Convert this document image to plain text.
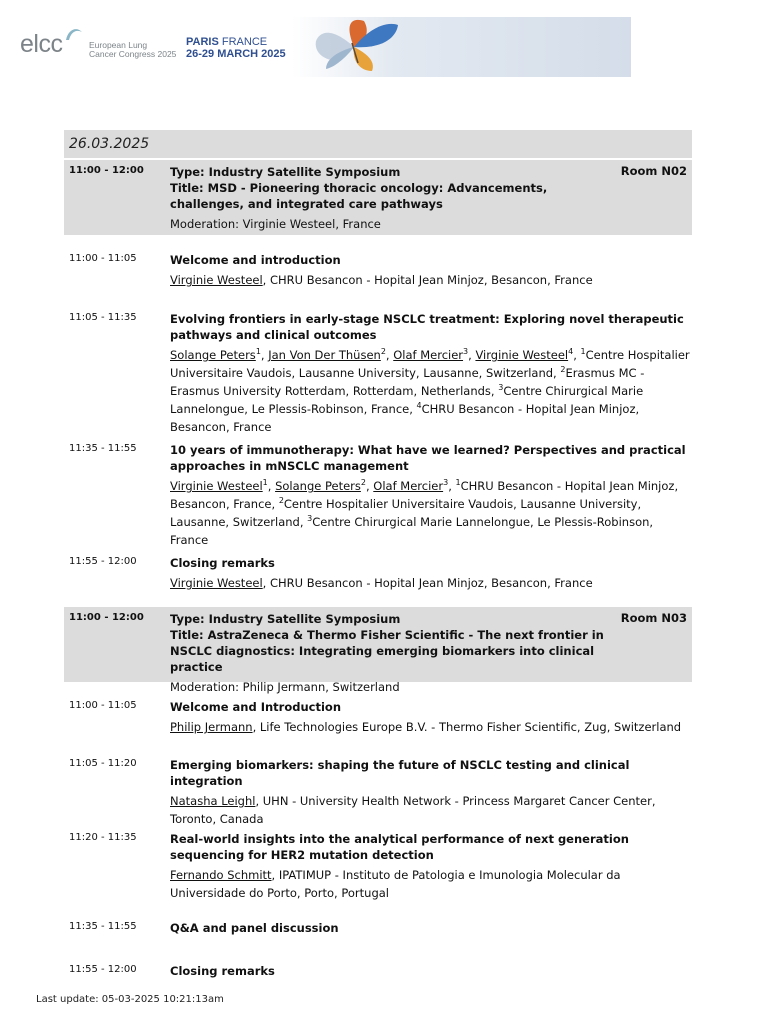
elcc	European Lung
Cancer Congress 2025
PARIS FRANCE
26-29 MARCH 2025
26.03.2025
11:00 - 12:00	Room N02
Type: Industry Satellite Symposium
Title: MSD - Pioneering thoracic oncology: Advancements, challenges, and integrated care pathways
Moderation: Virginie Westeel, France
11:00 - 11:05	Welcome and introduction
Virginie Westeel, CHRU Besancon - Hopital Jean Minjoz, Besancon, France
11:05 - 11:35	Evolving frontiers in early-stage NSCLC treatment: Exploring novel therapeutic pathways and clinical outcomes
Solange Peters$^1$, Jan Von Der Thüsen$^2$, Olaf Mercier$^3$, Virginie Westeel$^4$, $^1$Centre Hospitalier Universitaire Vaudois, Lausanne University, Lausanne, Switzerland, $^2$Erasmus MC - Erasmus University Rotterdam, Rotterdam, Netherlands, $^3$Centre Chirurgical Marie Lannelongue, Le Plessis-Robinson, France, $^4$CHRU Besancon - Hopital Jean Minjoz, Besancon, France
11:35 - 11:55	10 years of immunotherapy: What have we learned? Perspectives and practical approaches in mNSCLC management
Virginie Westeel$^1$, Solange Peters$^2$, Olaf Mercier$^3$, $^1$CHRU Besancon - Hopital Jean Minjoz, Besancon, France, $^2$Centre Hospitalier Universitaire Vaudois, Lausanne University, Lausanne, Switzerland, $^3$Centre Chirurgical Marie Lannelongue, Le Plessis-Robinson, France
11:55 - 12:00	Closing remarks
Virginie Westeel, CHRU Besancon - Hopital Jean Minjoz, Besancon, France
11:00 - 12:00	Room N03
Type: Industry Satellite Symposium
Title: AstraZeneca & Thermo Fisher Scientific - The next frontier in NSCLC diagnostics: Integrating emerging biomarkers into clinical practice
Moderation: Philip Jermann, Switzerland
11:00 - 11:05	Welcome and Introduction
Philip Jermann, Life Technologies Europe B.V. - Thermo Fisher Scientific, Zug, Switzerland
11:05 - 11:20	Emerging biomarkers: shaping the future of NSCLC testing and clinical integration
Natasha Leighl, UHN - University Health Network - Princess Margaret Cancer Center, Toronto, Canada
11:20 - 11:35	Real-world insights into the analytical performance of next generation sequencing for HER2 mutation detection
Fernando Schmitt, IPATIMUP - Instituto de Patologia e Imunologia Molecular da Universidade do Porto, Porto, Portugal
11:35 - 11:55	Q&A and panel discussion
11:55 - 12:00	Closing remarks
Last update: 05-03-2025 10:21:13am
